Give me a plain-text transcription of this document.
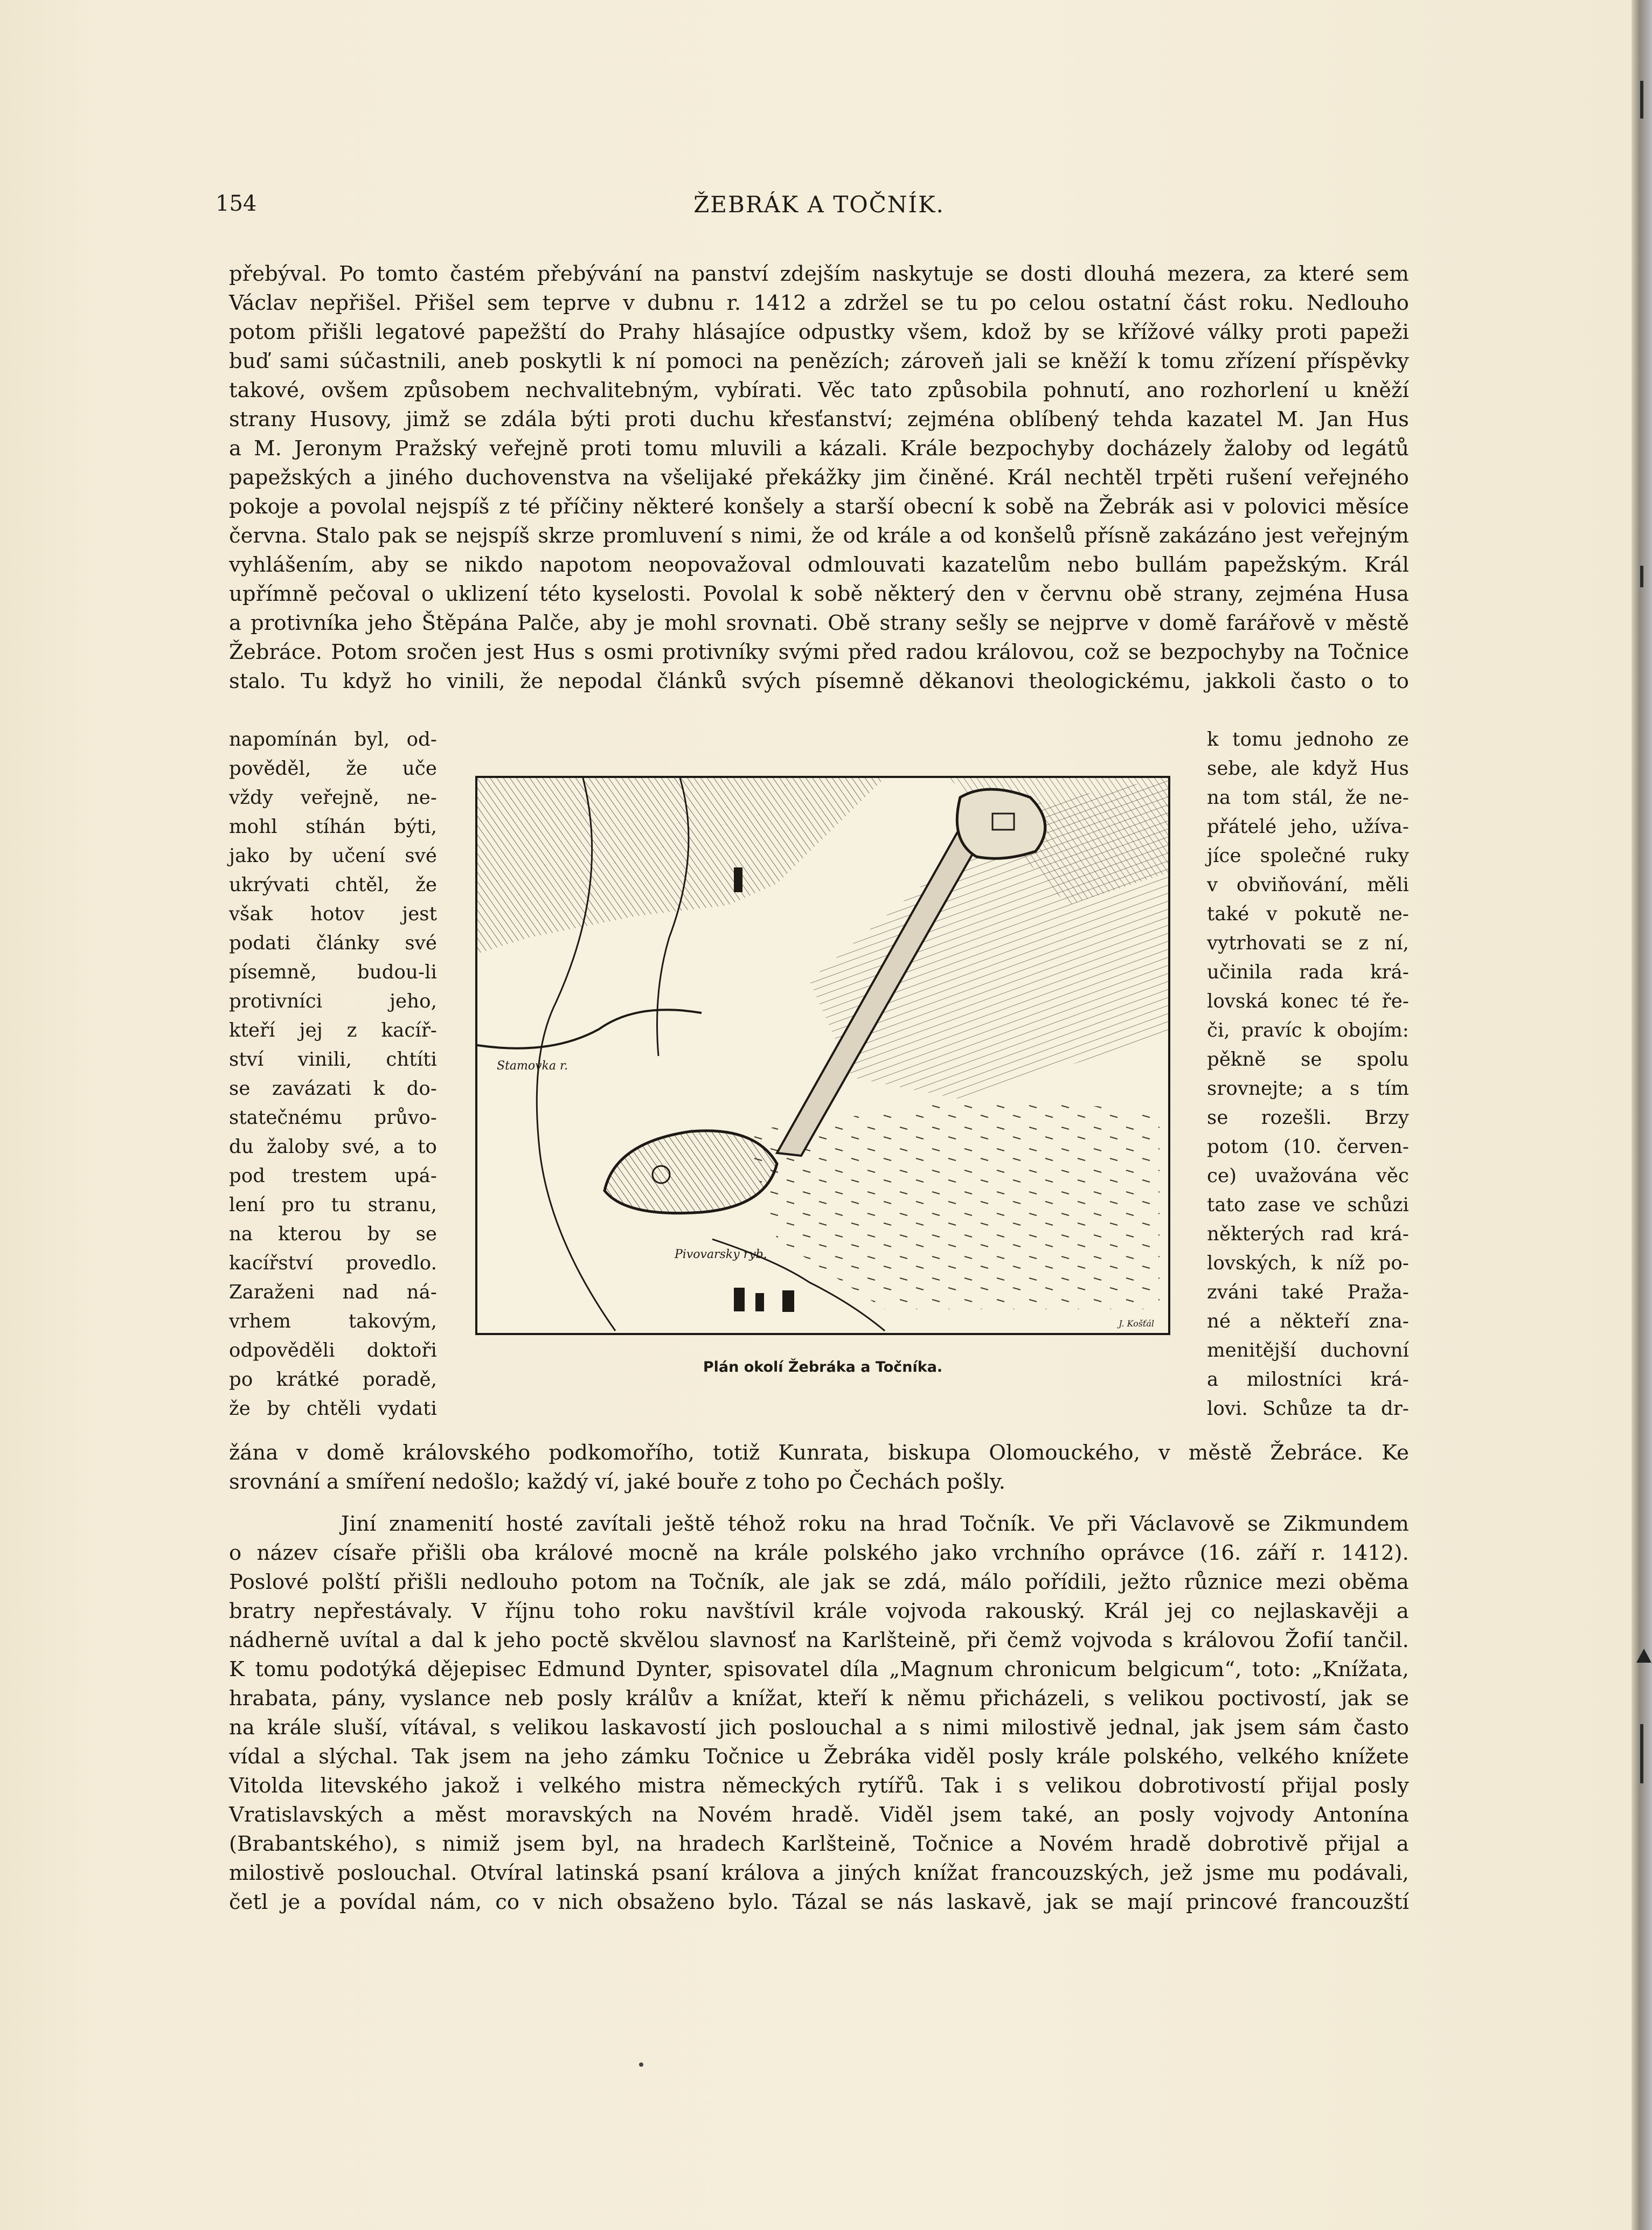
154	ŽEBRÁK A TOČNÍK.
přebýval. Po tomto častém přebývání na panství zdejším naskytuje se dosti dlouhá mezera, za které sem
Václav nepřišel. Přišel sem teprve v dubnu r. 1412 a zdržel se tu po celou ostatní část roku. Nedlouho
potom přišli legatové papežští do Prahy hlásajíce odpustky všem, kdož by se křížové války proti papeži
buď sami súčastnili, aneb poskytli k ní pomoci na penězích; zároveň jali se kněží k tomu zřízení příspěvky
takové, ovšem způsobem nechvalitebným, vybírati. Věc tato způsobila pohnutí, ano rozhorlení u kněží
strany Husovy, jimž se zdála býti proti duchu křesťanství; zejména oblíbený tehda kazatel M. Jan Hus
a M. Jeronym Pražský veřejně proti tomu mluvili a kázali. Krále bezpochyby docházely žaloby od legátů
papežských a jiného duchovenstva na všelijaké překážky jim činěné. Král nechtěl trpěti rušení veřejného
pokoje a povolal nejspíš z té příčiny některé konšely a starší obecní k sobě na Žebrák asi v polovici měsíce
června. Stalo pak se nejspíš skrze promluvení s nimi, že od krále a od konšelů přísně zakázáno jest veřejným
vyhlášením, aby se nikdo napotom neopovažoval odmlouvati kazatelům nebo bullám papežským. Král
upřímně pečoval o uklizení této kyselosti. Povolal k sobě některý den v červnu obě strany, zejména Husa
a protivníka jeho Štěpána Palče, aby je mohl srovnati. Obě strany sešly se nejprve v domě farářově v městě
Žebráce. Potom sročen jest Hus s osmi protivníky svými před radou královou, což se bezpochyby na Točnice
stalo. Tu když ho vinili, že nepodal článků svých písemně děkanovi theologickému, jakkoli často o to
napomínán byl, od-
pověděl, že uče
vždy veřejně, ne-
mohl stíhán býti,
jako by učení své
ukrývati chtěl, že
však hotov jest
podati články své
písemně, budou-li
protivníci jeho,
kteří jej z kacíř-
ství vinili, chtíti
se zavázati k do-
statečnému průvo-
du žaloby své, a to
pod trestem upá-
lení pro tu stranu,
na kterou by se
kacířství provedlo.
Zaraženi nad ná-
vrhem takovým,
odpověděli doktoři
po krátké poradě,
že by chtěli vydati
k tomu jednoho ze
sebe, ale když Hus
na tom stál, že ne-
přátelé jeho, užíva-
jíce společné ruky
v obviňování, měli
také v pokutě ne-
vytrhovati se z ní,
učinila rada krá-
lovská konec té ře-
či, pravíc k obojím:
pěkně se spolu
srovnejte; a s tím
se rozešli. Brzy
potom (10. červen-
ce) uvažována věc
tato zase ve schůzi
některých rad krá-
lovských, k níž po-
zváni také Praža-
né a někteří zna-
menitější duchovní
a milostníci krá-
lovi. Schůze ta dr-
žána v domě královského podkomořího, totiž Kunrata, biskupa Olomouckého, v městě Žebráce. Ke
srovnání a smíření nedošlo; každý ví, jaké bouře z toho po Čechách pošly.
Jiní znamenití hosté zavítali ještě téhož roku na hrad Točník. Ve při Václavově se Zikmundem
o název císaře přišli oba králové mocně na krále polského jako vrchního oprávce (16. září r. 1412).
Poslové polští přišli nedlouho potom na Točník, ale jak se zdá, málo pořídili, ježto různice mezi oběma
bratry nepřestávaly. V říjnu toho roku navštívil krále vojvoda rakouský. Král jej co nejlaskavěji a
nádherně uvítal a dal k jeho poctě skvělou slavnosť na Karlšteině, při čemž vojvoda s královou Žofií tančil.
K tomu podotýká dějepisec Edmund Dynter, spisovatel díla „Magnum chronicum belgicum“, toto: „Knížata,
hrabata, pány, vyslance neb posly králův a knížat, kteří k němu přicházeli, s velikou poctivostí, jak se
na krále sluší, vítával, s velikou laskavostí jich poslouchal a s nimi milostivě jednal, jak jsem sám často
vídal a slýchal. Tak jsem na jeho zámku Točnice u Žebráka viděl posly krále polského, velkého knížete
Vitolda litevského jakož i velkého mistra německých rytířů. Tak i s velikou dobrotivostí přijal posly
Vratislavských a měst moravských na Novém hradě. Viděl jsem také, an posly vojvody Antonína
(Brabantského), s nimiž jsem byl, na hradech Karlšteině, Točnice a Novém hradě dobrotivě přijal a
milostivě poslouchal. Otvíral latinská psaní králova a jiných knížat francouzských, jež jsme mu podávali,
četl je a povídal nám, co v nich obsaženo bylo. Tázal se nás laskavě, jak se mají princové francouzští
Stamovka r.
Pivovarsky ryb.
J. Košťál
Plán okolí Žebráka a Točníka.
